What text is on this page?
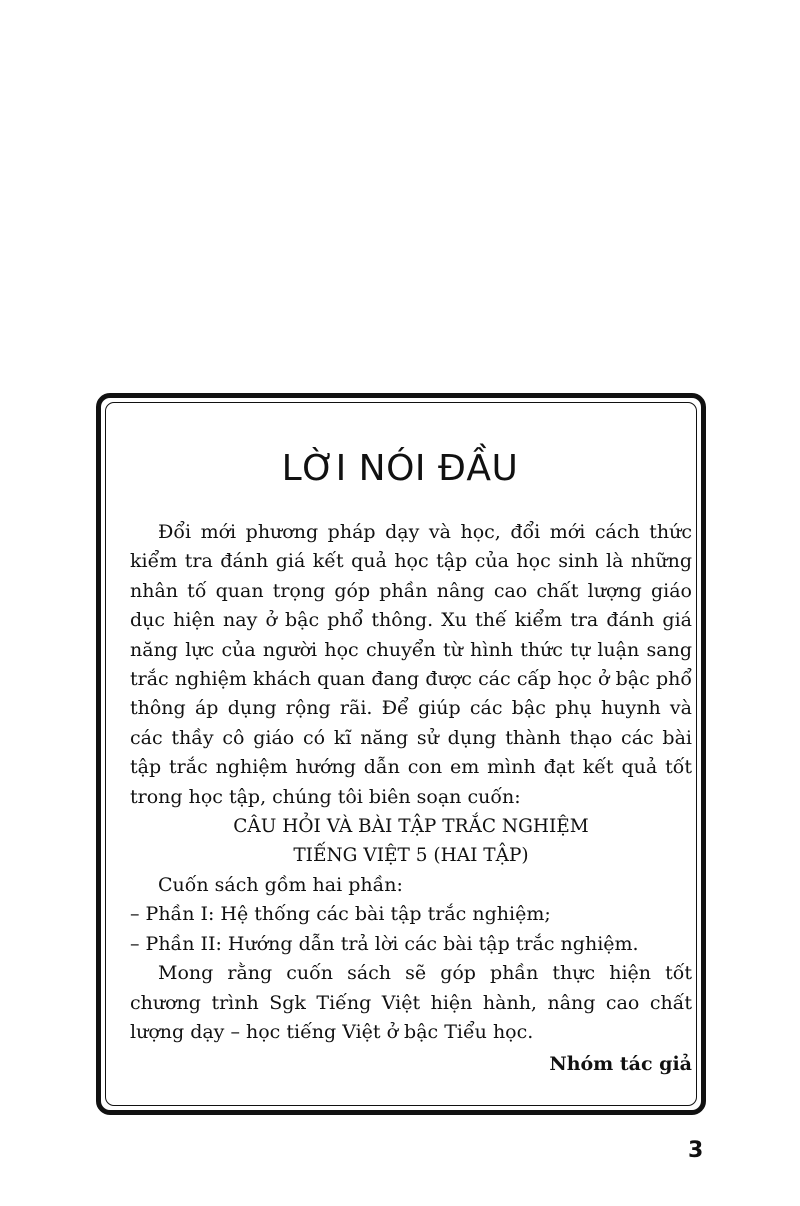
LỜI NÓI ĐẦU

Đổi mới phương pháp dạy và học, đổi mới cách thức kiểm tra đánh giá kết quả học tập của học sinh là những nhân tố quan trọng góp phần nâng cao chất lượng giáo dục hiện nay ở bậc phổ thông. Xu thế kiểm tra đánh giá năng lực của người học chuyển từ hình thức tự luận sang trắc nghiệm khách quan đang được các cấp học ở bậc phổ thông áp dụng rộng rãi. Để giúp các bậc phụ huynh và các thầy cô giáo có kĩ năng sử dụng thành thạo các bài tập trắc nghiệm hướng dẫn con em mình đạt kết quả tốt trong học tập, chúng tôi biên soạn cuốn:

CÂU HỎI VÀ BÀI TẬP TRẮC NGHIỆM

TIẾNG VIỆT 5 (HAI TẬP)

Cuốn sách gồm hai phần:

– Phần I: Hệ thống các bài tập trắc nghiệm;

– Phần II: Hướng dẫn trả lời các bài tập trắc nghiệm.

Mong rằng cuốn sách sẽ góp phần thực hiện tốt chương trình Sgk Tiếng Việt hiện hành, nâng cao chất lượng dạy – học tiếng Việt ở bậc Tiểu học.

Nhóm tác giả

3
